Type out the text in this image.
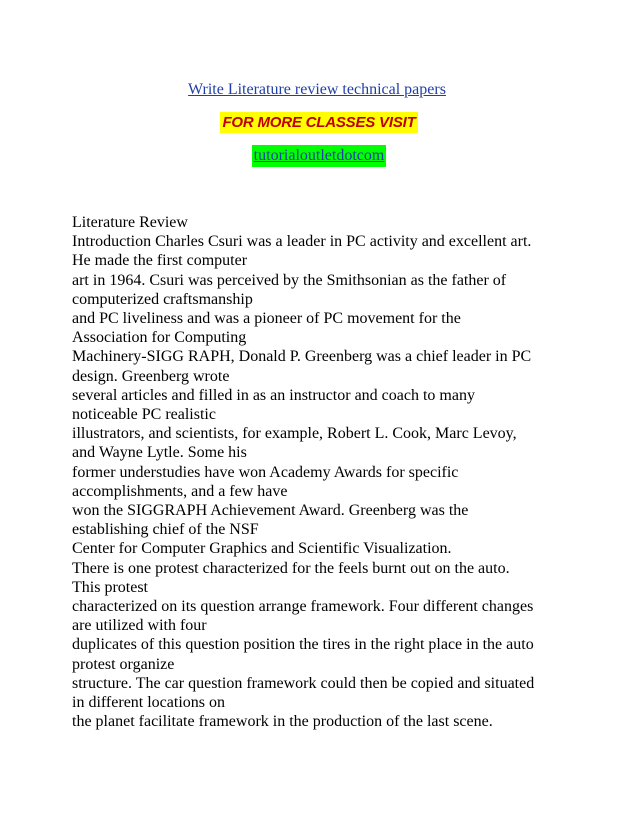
Write Literature review technical papers
FOR MORE CLASSES VISIT
tutorialoutletdotcom
Literature Review
Introduction Charles Csuri was a leader in PC activity and excellent art.
He made the first computer
art in 1964. Csuri was perceived by the Smithsonian as the father of
computerized craftsmanship
and PC liveliness and was a pioneer of PC movement for the
Association for Computing
Machinery-SIGG RAPH, Donald P. Greenberg was a chief leader in PC
design. Greenberg wrote
several articles and filled in as an instructor and coach to many
noticeable PC realistic
illustrators, and scientists, for example, Robert L. Cook, Marc Levoy,
and Wayne Lytle. Some his
former understudies have won Academy Awards for specific
accomplishments, and a few have
won the SIGGRAPH Achievement Award. Greenberg was the
establishing chief of the NSF
Center for Computer Graphics and Scientific Visualization.
There is one protest characterized for the feels burnt out on the auto.
This protest
characterized on its question arrange framework. Four different changes
are utilized with four
duplicates of this question position the tires in the right place in the auto
protest organize
structure. The car question framework could then be copied and situated
in different locations on
the planet facilitate framework in the production of the last scene.
